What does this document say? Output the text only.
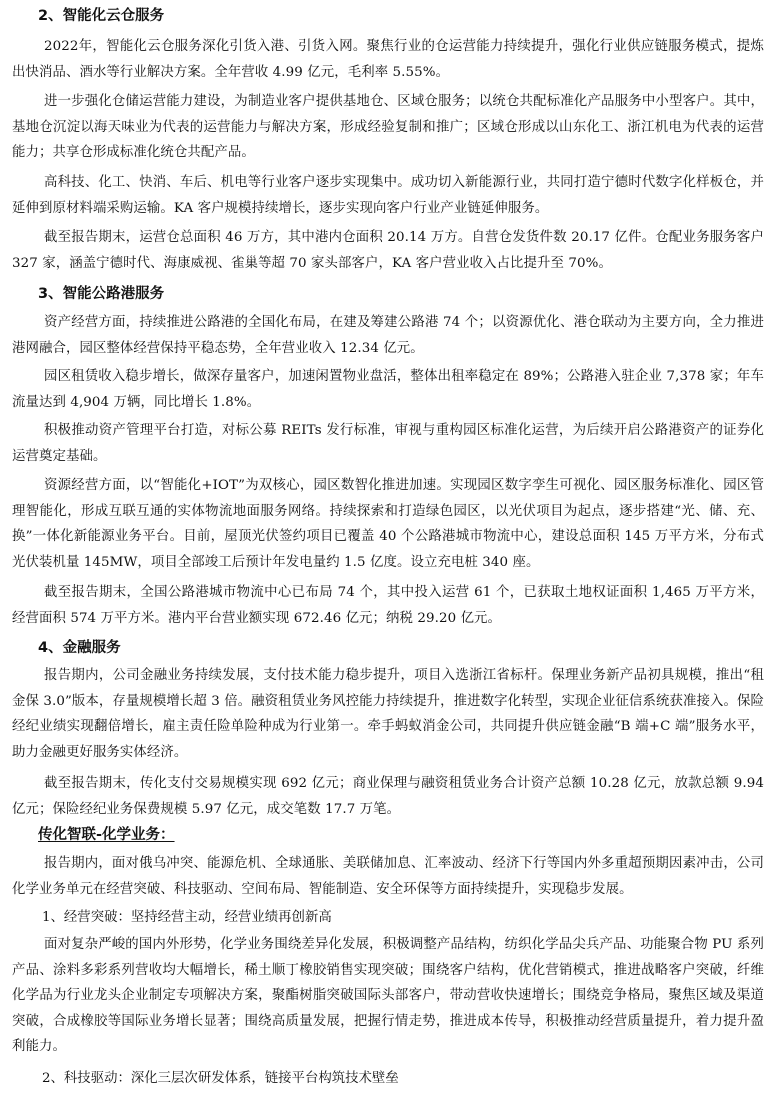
2、智能化云仓服务

2022年，智能化云仓服务深化引货入港、引货入网。聚焦行业的仓运营能力持续提升，强化行业供应链服务模式，提炼出快消品、酒水等行业解决方案。全年营收 4.99 亿元，毛利率 5.55%。

进一步强化仓储运营能力建设，为制造业客户提供基地仓、区域仓服务；以统仓共配标准化产品服务中小型客户。其中，基地仓沉淀以海天味业为代表的运营能力与解决方案，形成经验复制和推广；区域仓形成以山东化工、浙江机电为代表的运营能力；共享仓形成标准化统仓共配产品。

高科技、化工、快消、车后、机电等行业客户逐步实现集中。成功切入新能源行业，共同打造宁德时代数字化样板仓，并延伸到原材料端采购运输。KA 客户规模持续增长，逐步实现向客户行业产业链延伸服务。

截至报告期末，运营仓总面积 46 万方，其中港内仓面积 20.14 万方。自营仓发货件数 20.17 亿件。仓配业务服务客户 327 家，涵盖宁德时代、海康威视、雀巢等超 70 家头部客户，KA 客户营业收入占比提升至 70%。

3、智能公路港服务

资产经营方面，持续推进公路港的全国化布局，在建及筹建公路港 74 个；以资源优化、港仓联动为主要方向，全力推进港网融合，园区整体经营保持平稳态势，全年营业收入 12.34 亿元。

园区租赁收入稳步增长，做深存量客户，加速闲置物业盘活，整体出租率稳定在 89%；公路港入驻企业 7,378 家；年车流量达到 4,904 万辆，同比增长 1.8%。

积极推动资产管理平台打造，对标公募 REITs 发行标准，审视与重构园区标准化运营，为后续开启公路港资产的证券化运营奠定基础。

资源经营方面，以“智能化+IOT”为双核心，园区数智化推进加速。实现园区数字孪生可视化、园区服务标准化、园区管理智能化，形成互联互通的实体物流地面服务网络。持续探索和打造绿色园区，以光伏项目为起点，逐步搭建“光、储、充、换”一体化新能源业务平台。目前，屋顶光伏签约项目已覆盖 40 个公路港城市物流中心，建设总面积 145 万平方米，分布式光伏装机量 145MW，项目全部竣工后预计年发电量约 1.5 亿度。设立充电桩 340 座。

截至报告期末，全国公路港城市物流中心已布局 74 个，其中投入运营 61 个，已获取土地权证面积 1,465 万平方米，经营面积 574 万平方米。港内平台营业额实现 672.46 亿元；纳税 29.20 亿元。

4、金融服务

报告期内，公司金融业务持续发展，支付技术能力稳步提升，项目入选浙江省标杆。保理业务新产品初具规模，推出“租金保 3.0”版本，存量规模增长超 3 倍。融资租赁业务风控能力持续提升，推进数字化转型，实现企业征信系统获准接入。保险经纪业绩实现翻倍增长，雇主责任险单险种成为行业第一。牵手蚂蚁消金公司，共同提升供应链金融“B 端+C 端”服务水平，助力金融更好服务实体经济。

截至报告期末，传化支付交易规模实现 692 亿元；商业保理与融资租赁业务合计资产总额 10.28 亿元，放款总额 9.94 亿元；保险经纪业务保费规模 5.97 亿元，成交笔数 17.7 万笔。

传化智联-化学业务：

报告期内，面对俄乌冲突、能源危机、全球通胀、美联储加息、汇率波动、经济下行等国内外多重超预期因素冲击，公司化学业务单元在经营突破、科技驱动、空间布局、智能制造、安全环保等方面持续提升，实现稳步发展。

1、经营突破：坚持经营主动，经营业绩再创新高

面对复杂严峻的国内外形势，化学业务围绕差异化发展，积极调整产品结构，纺织化学品尖兵产品、功能聚合物 PU 系列产品、涂料多彩系列营收均大幅增长，稀土顺丁橡胶销售实现突破；围绕客户结构，优化营销模式，推进战略客户突破，纤维化学品为行业龙头企业制定专项解决方案，聚酯树脂突破国际头部客户，带动营收快速增长；围绕竞争格局，聚焦区域及渠道突破，合成橡胶等国际业务增长显著；围绕高质量发展，把握行情走势，推进成本传导，积极推动经营质量提升，着力提升盈利能力。

2、科技驱动：深化三层次研发体系，链接平台构筑技术壁垒
